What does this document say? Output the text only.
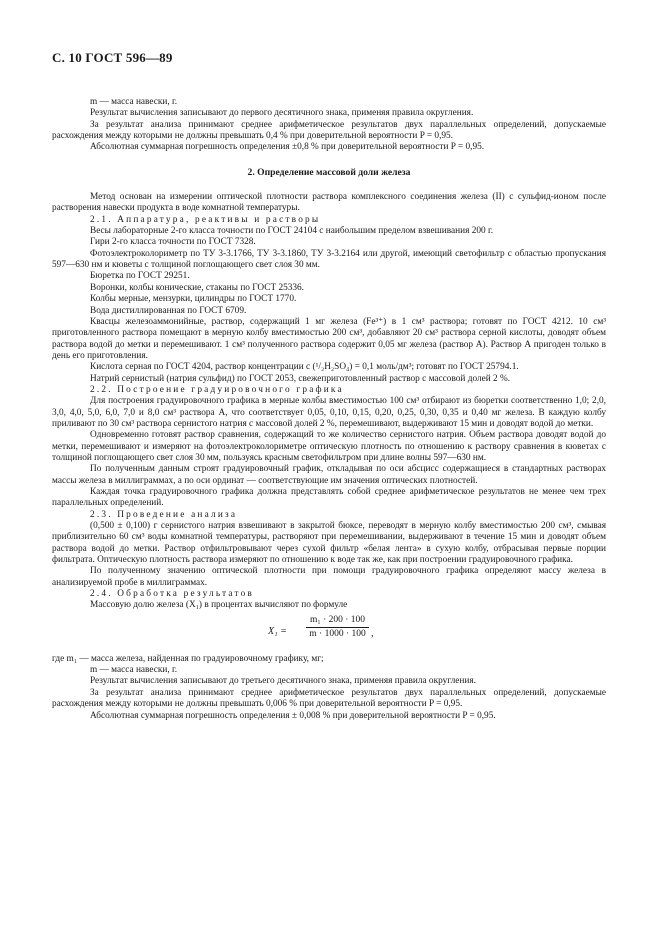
С. 10 ГОСТ 596—89

m — масса навески, г.

Результат вычисления записывают до первого десятичного знака, применяя правила округления.

За результат анализа принимают среднее арифметическое результатов двух параллельных определений, допускаемые расхождения между которыми не должны превышать 0,4 % при доверительной вероятности P = 0,95.

Абсолютная суммарная погрешность определения ±0,8 % при доверительной вероятности P = 0,95.

2. Определение массовой доли железа

Метод основан на измерении оптической плотности раствора комплексного соединения железа (II) с сульфид-ионом после растворения навески продукта в воде комнатной температуры.

2.1. Аппаратура, реактивы и растворы

Весы лабораторные 2-го класса точности по ГОСТ 24104 с наибольшим пределом взвешивания 200 г.

Гири 2-го класса точности по ГОСТ 7328.

Фотоэлектроколориметр по ТУ 3-3.1766, ТУ 3-3.1860, ТУ 3-3.2164 или другой, имеющий светофильтр с областью пропускания 597—630 нм и кюветы с толщиной поглощающего свет слоя 30 мм.

Бюретка по ГОСТ 29251.

Воронки, колбы конические, стаканы по ГОСТ 25336.

Колбы мерные, мензурки, цилиндры по ГОСТ 1770.

Вода дистиллированная по ГОСТ 6709.

Квасцы железоаммонийные, раствор, содержащий 1 мг железа (Fe³⁺) в 1 см³ раствора; готовят по ГОСТ 4212. 10 см³ приготовленного раствора помещают в мерную колбу вместимостью 200 см³, добавляют 20 см³ раствора серной кислоты, доводят объем раствора водой до метки и перемешивают. 1 см³ полученного раствора содержит 0,05 мг железа (раствор А). Раствор А пригоден только в день его приготовления.

Кислота серная по ГОСТ 4204, раствор концентрации c (¹/₂H₂SO₄) = 0,1 моль/дм³; готовят по ГОСТ 25794.1.

Натрий сернистый (натрия сульфид) по ГОСТ 2053, свежеприготовленный раствор с массовой долей 2 %.

2.2. Построение градуировочного графика

Для построения градуировочного графика в мерные колбы вместимостью 100 см³ отбирают из бюретки соответственно 1,0; 2,0, 3,0, 4,0, 5,0, 6,0, 7,0 и 8,0 см³ раствора А, что соответствует 0,05, 0,10, 0,15, 0,20, 0,25, 0,30, 0,35 и 0,40 мг железа. В каждую колбу приливают по 30 см³ раствора сернистого натрия с массовой долей 2 %, перемешивают, выдерживают 15 мин и доводят водой до метки.

Одновременно готовят раствор сравнения, содержащий то же количество сернистого натрия. Объем раствора доводят водой до метки, перемешивают и измеряют на фотоэлектроколориметре оптическую плотность по отношению к раствору сравнения в кюветах с толщиной поглощающего свет слоя 30 мм, пользуясь красным светофильтром при длине волны 597—630 нм.

По полученным данным строят градуировочный график, откладывая по оси абсцисс содержащиеся в стандартных растворах массы железа в миллиграммах, а по оси ординат — соответствующие им значения оптических плотностей.

Каждая точка градуировочного графика должна представлять собой среднее арифметическое результатов не менее чем трех параллельных определений.

2.3. Проведение анализа

(0,500 ± 0,100) г сернистого натрия взвешивают в закрытой бюксе, переводят в мерную колбу вместимостью 200 см³, смывая приблизительно 60 см³ воды комнатной температуры, растворяют при перемешивании, выдерживают в течение 15 мин и доводят объем раствора водой до метки. Раствор отфильтровывают через сухой фильтр «белая лента» в сухую колбу, отбрасывая первые порции фильтрата. Оптическую плотность раствора измеряют по отношению к воде так же, как при построении градуировочного графика.

По полученному значению оптической плотности при помощи градуировочного графика определяют массу железа в анализируемой пробе в миллиграммах.

2.4. Обработка результатов

Массовую долю железа (X₁) в процентах вычисляют по формуле

$X_1 = \frac{\text{m₁ · 200 · 100}}{m \cdot 1000 \cdot 100}$ ,

где m₁ — масса железа, найденная по градуировочному графику, мг;

m — масса навески, г.

Результат вычисления записывают до третьего десятичного знака, применяя правила округления.

За результат анализа принимают среднее арифметическое результатов двух параллельных определений, допускаемые расхождения между которыми не должны превышать 0,006 % при доверительной вероятности P = 0,95.

Абсолютная суммарная погрешность определения ± 0,008 % при доверительной вероятности P = 0,95.
